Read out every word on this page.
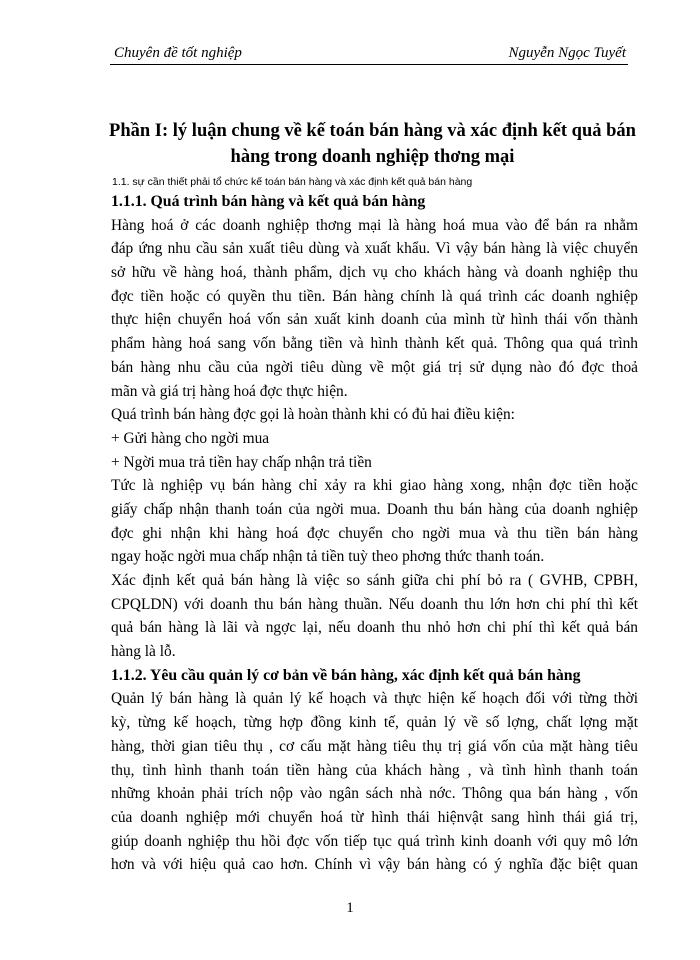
Chuyên đề tốt nghiệp	Nguyễn Ngọc Tuyết
Phần I: lý luận chung về kế toán bán hàng và xác định kết quả bán
hàng trong doanh nghiệp thơng mại
1.1. sự cần thiết phải tổ chức kế toán bán hàng và xác định kết quả bán hàng
1.1.1. Quá trình bán hàng và kết quả bán hàng
Hàng hoá ở các doanh nghiệp thơng mại là hàng hoá mua vào để bán ra nhằm
đáp ứng nhu cầu sản xuất tiêu dùng và xuất khẩu. Vì vậy bán hàng là việc chuyển
sở hữu về hàng hoá, thành phẩm, dịch vụ cho khách hàng và doanh nghiệp thu
đợc tiền hoặc có quyền thu tiền. Bán hàng chính là quá trình các doanh nghiệp
thực hiện chuyển hoá vốn sản xuất kinh doanh của mình từ hình thái vốn thành
phẩm hàng hoá sang vốn bằng tiền và hình thành kết quả. Thông qua quá trình
bán hàng nhu cầu của ngời tiêu dùng về một giá trị sử dụng nào đó đợc thoả
mãn và giá trị hàng hoá đợc thực hiện.
Quá trình bán hàng đợc gọi là hoàn thành khi có đủ hai điều kiện:
+ Gửi hàng cho ngời mua
+ Ngời mua trả tiền hay chấp nhận trả tiền
Tức là nghiệp vụ bán hàng chỉ xảy ra khi giao hàng xong, nhận đợc tiền hoặc
giấy chấp nhận thanh toán của ngời mua. Doanh thu bán hàng của doanh nghiệp
đợc ghi nhận khi hàng hoá đợc chuyển cho ngời mua và thu tiền bán hàng
ngay hoặc ngời mua chấp nhận tả tiền tuỳ theo phơng thức thanh toán.
Xác định kết quả bán hàng là việc so sánh giữa chi phí bỏ ra ( GVHB, CPBH,
CPQLDN) với doanh thu bán hàng thuần. Nếu doanh thu lớn hơn chi phí thì kết
quả bán hàng là lãi và ngợc lại, nếu doanh thu nhỏ hơn chi phí thì kết quả bán
hàng là lỗ.
1.1.2. Yêu cầu quản lý cơ bản về bán hàng, xác định kết quả bán hàng
Quản lý bán hàng là quản lý kế hoạch và thực hiện kế hoạch đối với từng thời
kỳ, từng kế hoạch, từng hợp đồng kinh tế, quản lý về số lợng, chất lợng mặt
hàng, thời gian tiêu thụ , cơ cấu mặt hàng tiêu thụ trị giá vốn của mặt hàng tiêu
thụ, tình hình thanh toán tiền hàng của khách hàng , và tình hình thanh toán
những khoản phải trích nộp vào ngân sách nhà nớc. Thông qua bán hàng , vốn
của doanh nghiệp mới chuyển hoá từ hình thái hiệnvật sang hình thái giá trị,
giúp doanh nghiệp thu hồi đợc vốn tiếp tục quá trình kinh doanh với quy mô lớn
hơn và với hiệu quả cao hơn. Chính vì vậy bán hàng có ý nghĩa đặc biệt quan
1
